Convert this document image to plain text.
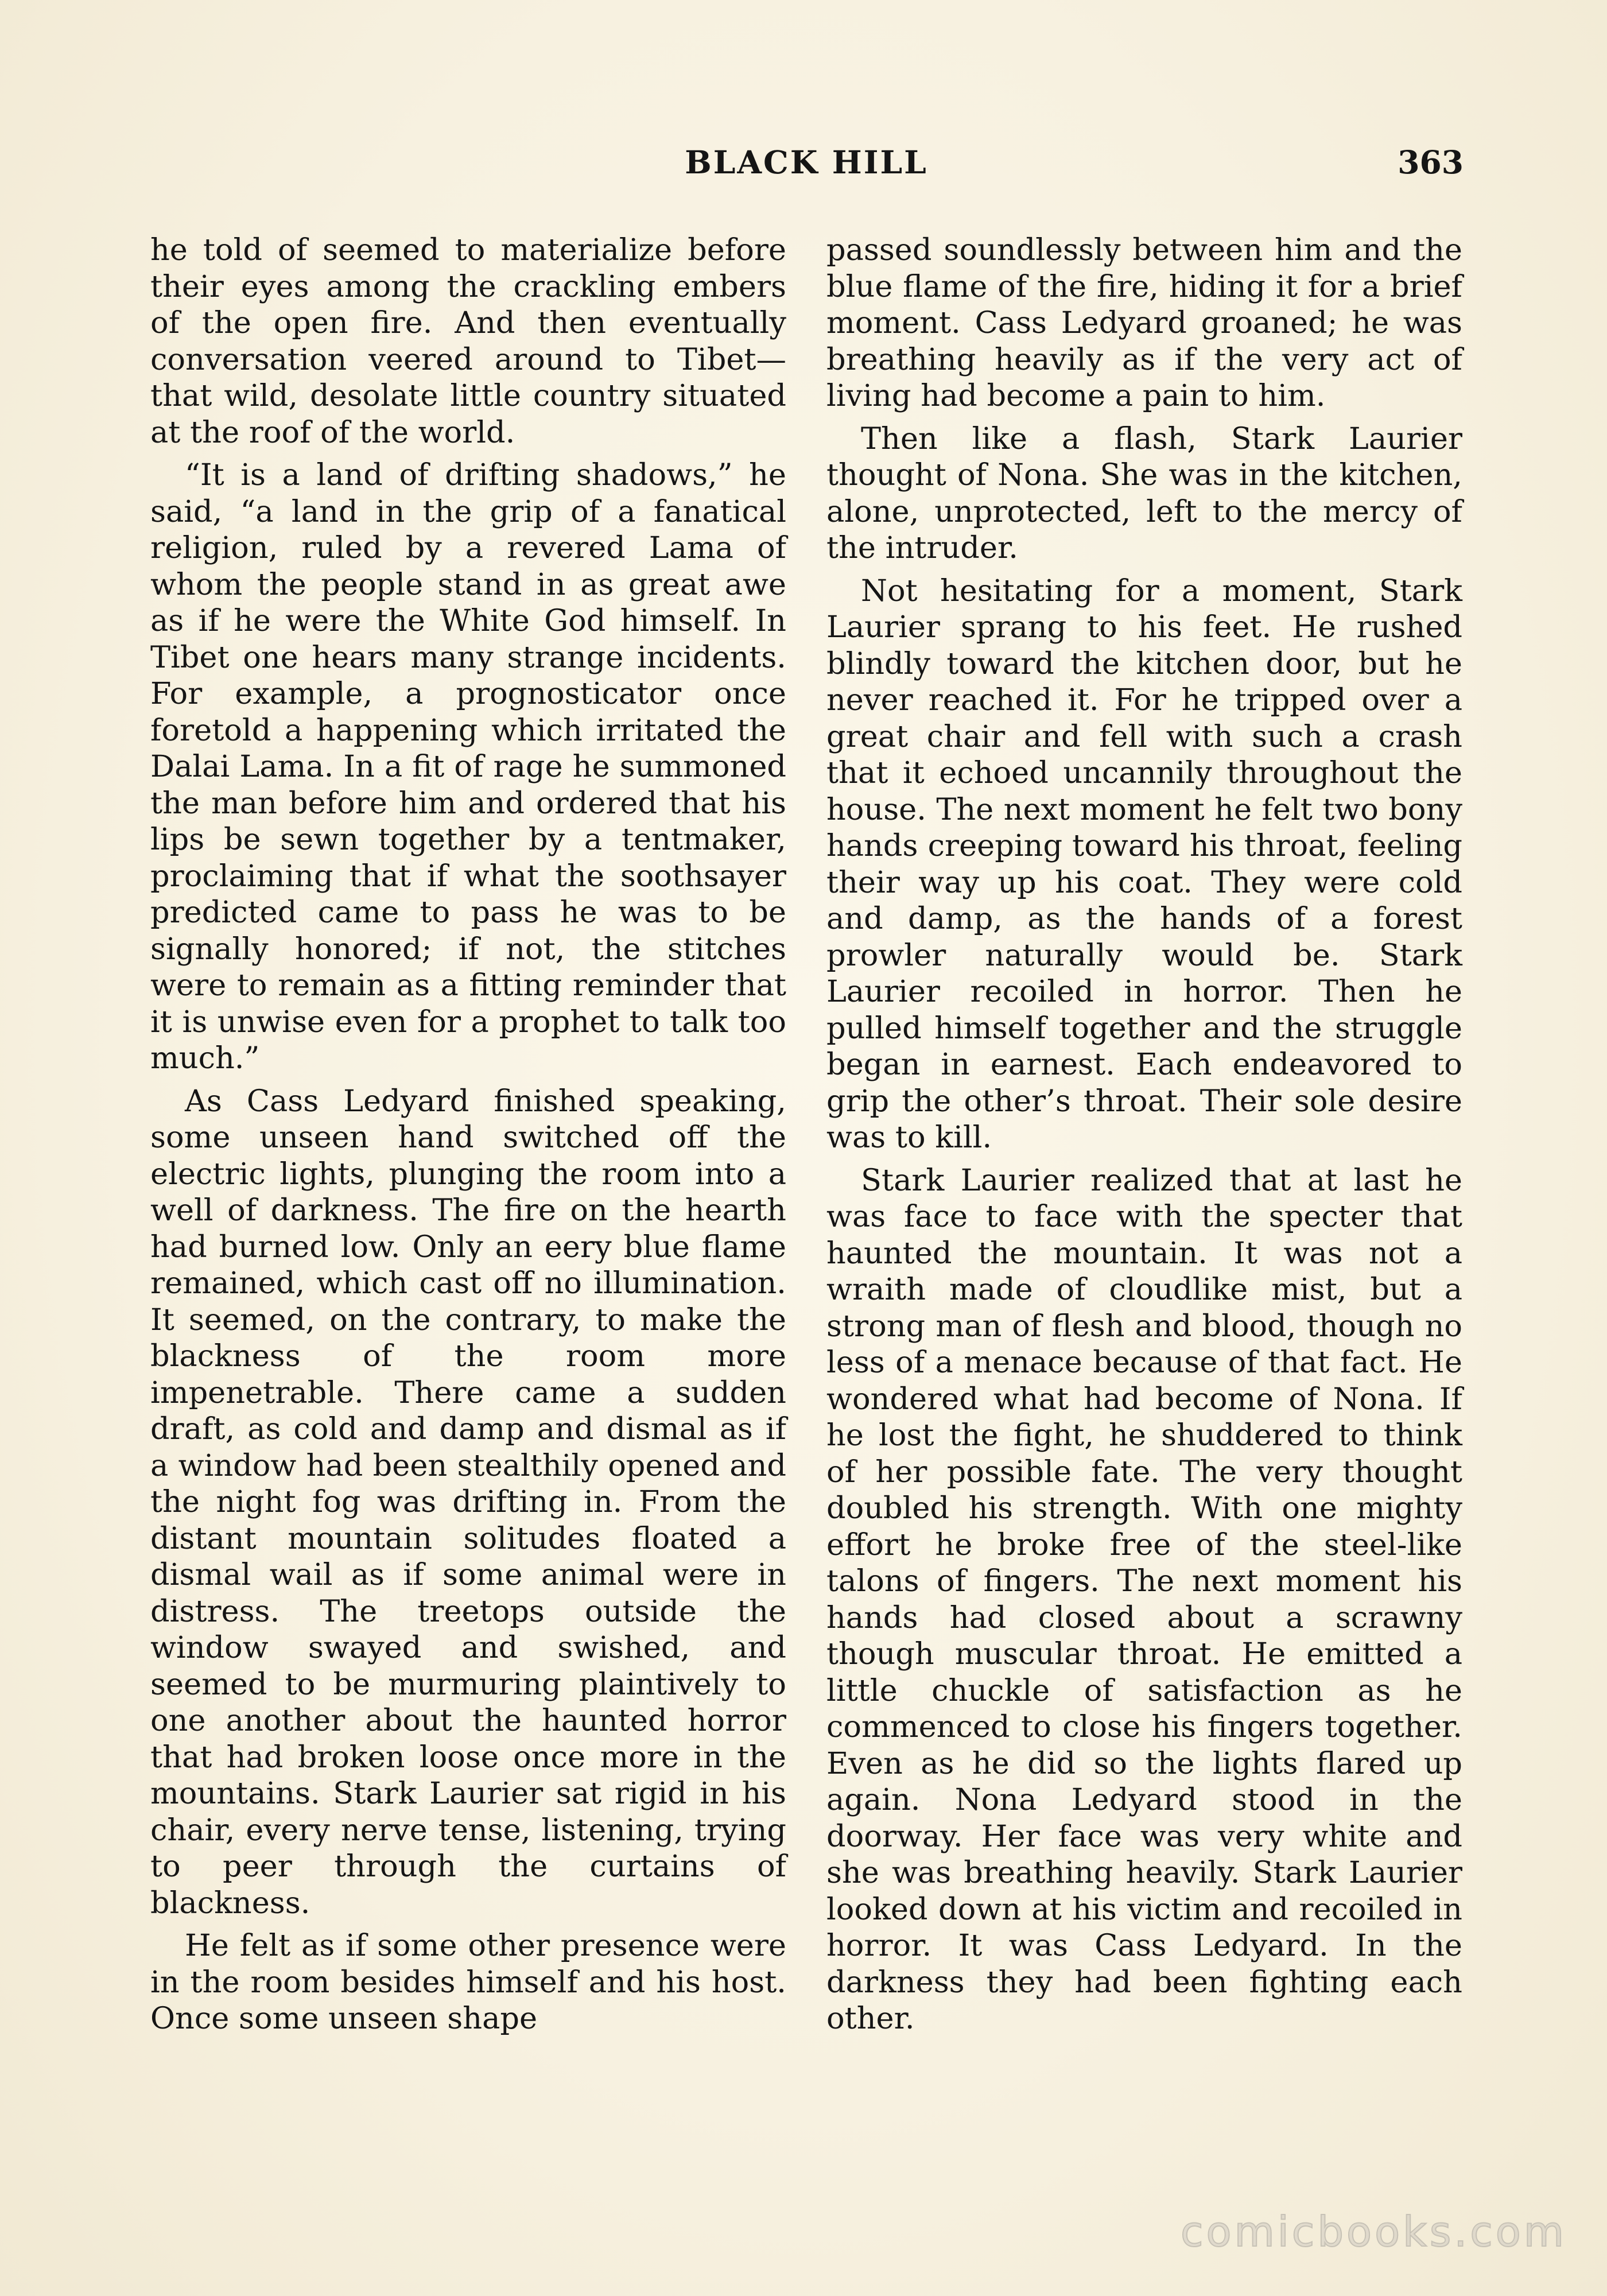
BLACK HILL	363

he told of seemed to materialize before their eyes among the crackling embers of the open fire. And then eventually conversation veered around to Tibet—that wild, desolate little country situated at the roof of the world.

“It is a land of drifting shadows,” he said, “a land in the grip of a fanatical religion, ruled by a revered Lama of whom the people stand in as great awe as if he were the White God himself. In Tibet one hears many strange incidents. For example, a prognosticator once foretold a happening which irritated the Dalai Lama. In a fit of rage he summoned the man before him and ordered that his lips be sewn together by a tentmaker, proclaiming that if what the soothsayer predicted came to pass he was to be signally honored; if not, the stitches were to remain as a fitting reminder that it is unwise even for a prophet to talk too much.”

As Cass Ledyard finished speaking, some unseen hand switched off the electric lights, plunging the room into a well of darkness. The fire on the hearth had burned low. Only an eery blue flame remained, which cast off no illumination. It seemed, on the contrary, to make the blackness of the room more impenetrable. There came a sudden draft, as cold and damp and dismal as if a window had been stealthily opened and the night fog was drifting in. From the distant mountain solitudes floated a dismal wail as if some animal were in distress. The treetops outside the window swayed and swished, and seemed to be murmuring plaintively to one another about the haunted horror that had broken loose once more in the mountains. Stark Laurier sat rigid in his chair, every nerve tense, listening, trying to peer through the curtains of blackness.

He felt as if some other presence were in the room besides himself and his host. Once some unseen shape

passed soundlessly between him and the blue flame of the fire, hiding it for a brief moment. Cass Ledyard groaned; he was breathing heavily as if the very act of living had become a pain to him.

Then like a flash, Stark Laurier thought of Nona. She was in the kitchen, alone, unprotected, left to the mercy of the intruder.

Not hesitating for a moment, Stark Laurier sprang to his feet. He rushed blindly toward the kitchen door, but he never reached it. For he tripped over a great chair and fell with such a crash that it echoed uncannily throughout the house. The next moment he felt two bony hands creeping toward his throat, feeling their way up his coat. They were cold and damp, as the hands of a forest prowler naturally would be. Stark Laurier recoiled in horror. Then he pulled himself together and the struggle began in earnest. Each endeavored to grip the other’s throat. Their sole desire was to kill.

Stark Laurier realized that at last he was face to face with the specter that haunted the mountain. It was not a wraith made of cloudlike mist, but a strong man of flesh and blood, though no less of a menace because of that fact. He wondered what had become of Nona. If he lost the fight, he shuddered to think of her possible fate. The very thought doubled his strength. With one mighty effort he broke free of the steel-like talons of fingers. The next moment his hands had closed about a scrawny though muscular throat. He emitted a little chuckle of satisfaction as he commenced to close his fingers together. Even as he did so the lights flared up again. Nona Ledyard stood in the doorway. Her face was very white and she was breathing heavily. Stark Laurier looked down at his victim and recoiled in horror. It was Cass Ledyard. In the darkness they had been fighting each other.

comicbooks.com
